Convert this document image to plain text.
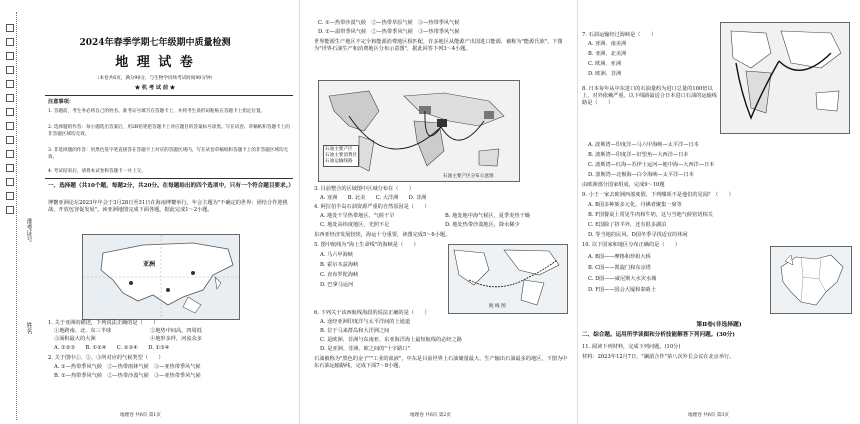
准考证号
姓名
2024年春季学期七年级期中质量检测
地 理 试 卷
（本卷共6页，满分90分，与生物学同场考试时间90分钟）
★ 机 考 试 前 ★
注意事项：
1. 答题前，考生务必将自己的姓名、准考证号填写在答题卡上，并将考生条形码粘贴在答题卡上指定位置。
2. 选择题的作答：每小题选出答案后，用2B铅笔把答题卡上对应题目的答案标号涂黑。写在试卷、草稿纸和答题卡上的非答题区域均无效。
3. 非选择题的作答：用黑色签字笔直接答在答题卡上对应的答题区域内。写在试卷草稿纸和答题卡上的非答题区域均无效。
4. 考试结束后，请将本试卷和答题卡一并上交。
一、选择题（共10个题，每题2分，共20分。在每题给出的四个选项中，只有一个符合题目要求。）
博鳌亚洲论坛2023年年会于3月28日至31日在海南博鳌举行，年会主题为"不确定的世界：团结合作迎挑战，开放包容促发展"。读亚洲地图完成下面各题。据此完成1～2小题。
亚洲
1. 关于亚洲的描述，下列说法正确的是（　　）
①地跨南、北、东三半球	②地势中间高，四周低
③面积最大的大洲	④地形多样，河流众多
A. ①②③　　B. ①②④　　C. ②③④　　D. ①③④
2. 关于图中①、②、③所对应的气候类型（　　）
A. ①—热带季风气候　②—热带雨林气候　③—亚热带季风气候
B. ①—热带季风气候　②—热带沙漠气候　③—亚热带季风气候
地理卷 共6页 第1页
C. ①—热带沙漠气候　②—热带草原气候　③—热带季风气候
D. ①—温带季风气候　②—热带季风气候　③—热带季风气候
世界能源生产地区不完全和能源消费地区相匹配，许多地区从能源产出国进口能源，被称为"能源氏族"。下图为"世界石油生产和消费地区分布示意图"，据此回答下列3～4小题。
石油主要产区
石油主要消费区
石油运输线路
石油主要产区分布示意图
3. 目前整合的区域图中区域分布在（　　）
A. 亚洲　　B. 北美　　C. 大洋洲　　D. 非洲
4. 阿拉伯半岛石油资源严重的自然原因是（　　）
A. 地处干旱热带地区，气候干旱	B. 地处地中海气候区，夏季炎热干燥
C. 地处高纬度地区，光照不足	D. 地处热带沙漠地区，降水稀少
东西亚经济发展较快，海运十分重要，读图完成5～6小题。
5. 图中航线为"海上生命线"的海峡是（　　）
A. 马六甲海峡
B. 霍尔木兹海峡
C. 直布罗陀海峡
D. 巴拿马运河
航 线 图
6. 下列关于该西航线海段的说法正确的是（　　）
A. 途经亚洲印度洋与太平洋间的上通道
B. 位于马来群岛和大洋洲之间
C. 是欧洲、非洲与东南亚、东亚海洋海上最短航线的必经之路
D. 是亚洲、非洲、欧之间的"十字路口"
石油被称为"黑色的金子""工业的血液"，中东是目前世界上石油储量最大、生产输出石油最多的地区，下图为中东石油运输路线，完成下面7～8小题。
地理卷 共6页 第2页
7. 石油运输经过海峡是（　　）
A. 亚洲、南美洲
B. 亚洲、北美洲
C. 欧洲、亚洲
D. 欧洲、非洲
8. 日本每年从中东进口的石油量约为进口总量的100倍以上，对外依赖严重。以下线路最适合日本进口石油的运输线路是（　　）
A. 波斯湾—印度洋—马六甲海峡—太平洋—日本
B. 波斯湾—印度洋—好望角—大西洋—日本
C. 波斯湾—红海—苏伊士运河—地中海—大西洋—日本
D. 波斯湾—北极海—白令海峡—太平洋—日本
由欧洲部分国家组成，完成9～10题
9. 小王一家去欧洲西部度假，下列哪项不是他们的见闻？（　　）
A. B国多种族多元化，丹佛者聚集一席等
B. F国餐桌上常见牛肉和牛奶，这与当地气候密切相关
C. E国除了挤羊外，还有很多湖泊
D. 等当地的民风、D国冬季寻找适宜的休闲
10. 以下国家和地区分布正确的是（　　）
A. B国——摩格和珍姐大桥
B. C国——凯旋门和东京塔
C. D国——威尼斯大水灾水城
D. F国——国会大厦和泰晤士
第Ⅱ卷(非选择题)
二、综合题。运用所学读图和分析技能解答下列问题。(30分)
11. 阅读下列材料，完成下列问题。(10分)
材料：2023年12月7日，"澜湄合作"第八次外长会议在北京举行。
地理卷 共6页 第3页
